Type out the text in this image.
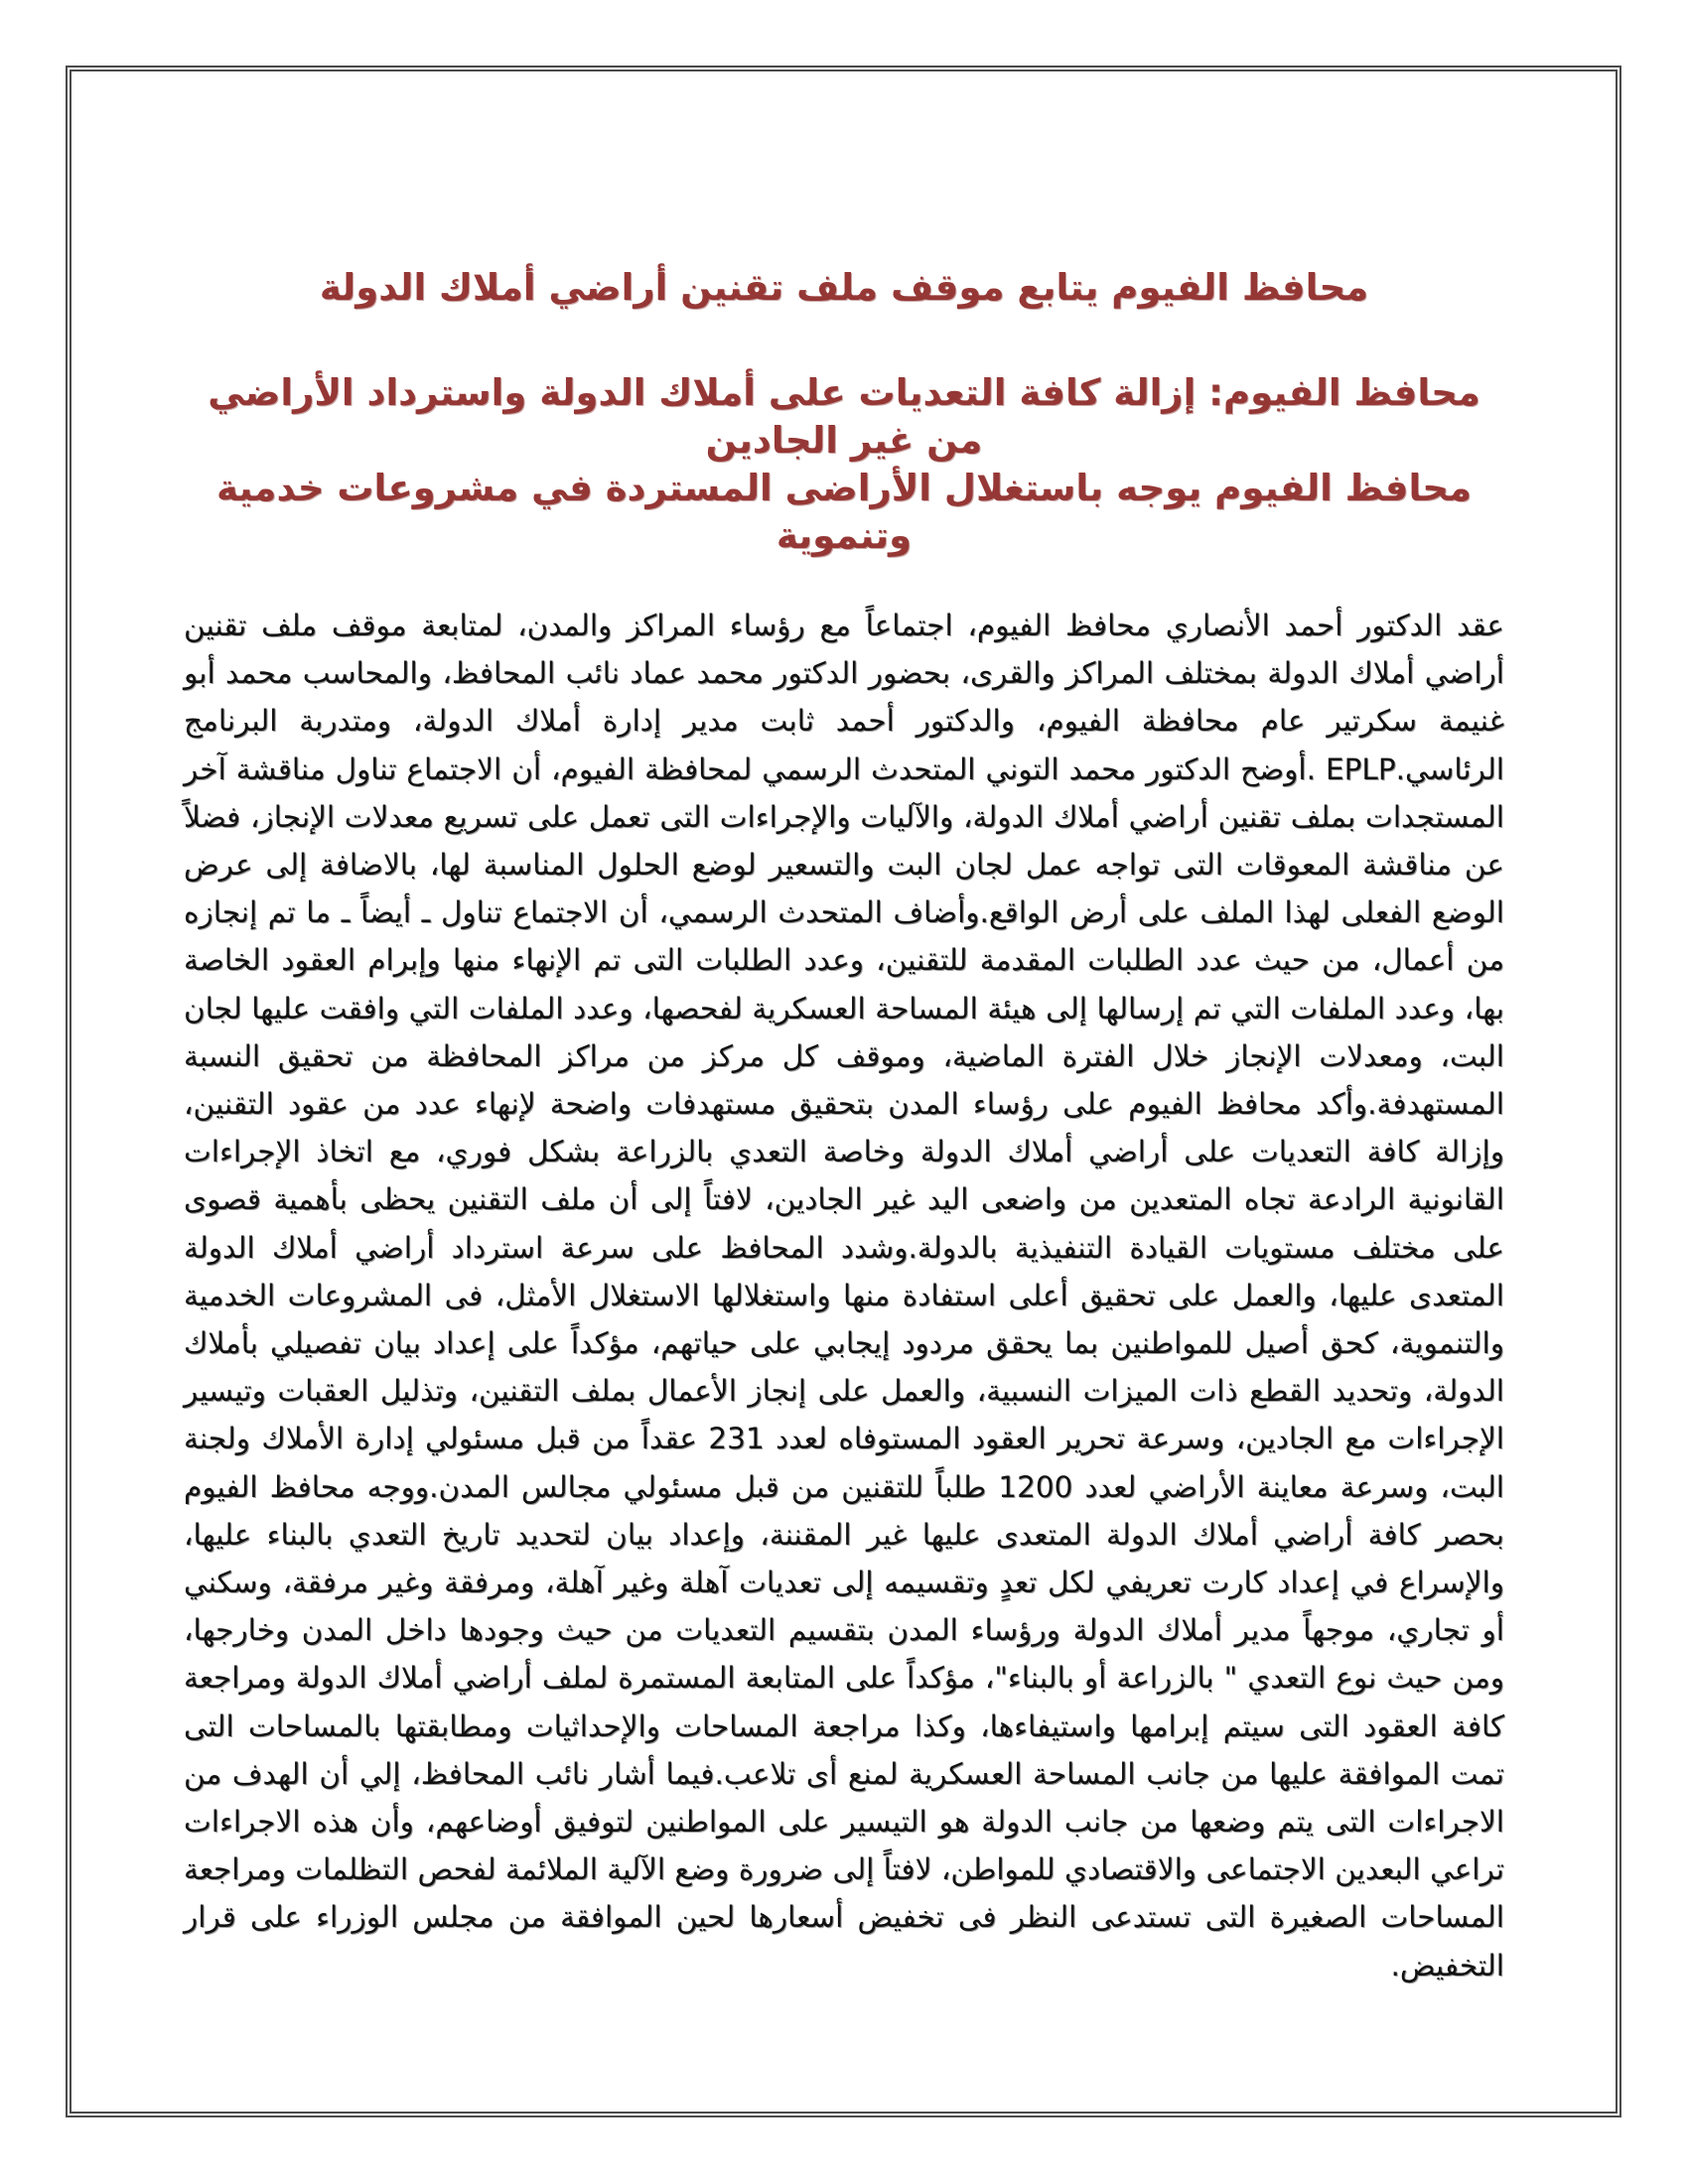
محافظ الفيوم يتابع موقف ملف تقنين أراضي أملاك الدولة
محافظ الفيوم: إزالة كافة التعديات على أملاك الدولة واسترداد الأراضي من غير الجادين
محافظ الفيوم يوجه باستغلال الأراضى المستردة في مشروعات خدمية وتنموية

عقد الدكتور أحمد الأنصاري محافظ الفيوم، اجتماعاً مع رؤساء المراكز والمدن، لمتابعة موقف ملف تقنين أراضي أملاك الدولة بمختلف المراكز والقرى، بحضور الدكتور محمد عماد نائب المحافظ، والمحاسب محمد أبو غنيمة سكرتير عام محافظة الفيوم، والدكتور أحمد ثابت مدير إدارة أملاك الدولة، ومتدربة البرنامج الرئاسي.EPLP .أوضح الدكتور محمد التوني المتحدث الرسمي لمحافظة الفيوم، أن الاجتماع تناول مناقشة آخر المستجدات بملف تقنين أراضي أملاك الدولة، والآليات والإجراءات التى تعمل على تسريع معدلات الإنجاز، فضلاً عن مناقشة المعوقات التى تواجه عمل لجان البت والتسعير لوضع الحلول المناسبة لها، بالاضافة إلى عرض الوضع الفعلى لهذا الملف على أرض الواقع.وأضاف المتحدث الرسمي، أن الاجتماع تناول ـ أيضاً ـ ما تم إنجازه من أعمال، من حيث عدد الطلبات المقدمة للتقنين، وعدد الطلبات التى تم الإنهاء منها وإبرام العقود الخاصة بها، وعدد الملفات التي تم إرسالها إلى هيئة المساحة العسكرية لفحصها، وعدد الملفات التي وافقت عليها لجان البت، ومعدلات الإنجاز خلال الفترة الماضية، وموقف كل مركز من مراكز المحافظة من تحقيق النسبة المستهدفة.وأكد محافظ الفيوم على رؤساء المدن بتحقيق مستهدفات واضحة لإنهاء عدد من عقود التقنين، وإزالة كافة التعديات على أراضي أملاك الدولة وخاصة التعدي بالزراعة بشكل فوري، مع اتخاذ الإجراءات القانونية الرادعة تجاه المتعدين من واضعى اليد غير الجادين، لافتاً إلى أن ملف التقنين يحظى بأهمية قصوى على مختلف مستويات القيادة التنفيذية بالدولة.وشدد المحافظ على سرعة استرداد أراضي أملاك الدولة المتعدى عليها، والعمل على تحقيق أعلى استفادة منها واستغلالها الاستغلال الأمثل، فى المشروعات الخدمية والتنموية، كحق أصيل للمواطنين بما يحقق مردود إيجابي على حياتهم، مؤكداً على إعداد بيان تفصيلي بأملاك الدولة، وتحديد القطع ذات الميزات النسبية، والعمل على إنجاز الأعمال بملف التقنين، وتذليل العقبات وتيسير الإجراءات مع الجادين، وسرعة تحرير العقود المستوفاه لعدد 231 عقداً من قبل مسئولي إدارة الأملاك ولجنة البت، وسرعة معاينة الأراضي لعدد 1200 طلباً للتقنين من قبل مسئولي مجالس المدن.ووجه محافظ الفيوم بحصر كافة أراضي أملاك الدولة المتعدى عليها غير المقننة، وإعداد بيان لتحديد تاريخ التعدي بالبناء عليها، والإسراع في إعداد كارت تعريفي لكل تعدٍ وتقسيمه إلى تعديات آهلة وغير آهلة، ومرفقة وغير مرفقة، وسكني أو تجاري، موجهاً مدير أملاك الدولة ورؤساء المدن بتقسيم التعديات من حيث وجودها داخل المدن وخارجها، ومن حيث نوع التعدي " بالزراعة أو بالبناء"، مؤكداً على المتابعة المستمرة لملف أراضي أملاك الدولة ومراجعة كافة العقود التى سيتم إبرامها واستيفاءها، وكذا مراجعة المساحات والإحداثيات ومطابقتها بالمساحات التى تمت الموافقة عليها من جانب المساحة العسكرية لمنع أى تلاعب.فيما أشار نائب المحافظ، إلي أن الهدف من الاجراءات التى يتم وضعها من جانب الدولة هو التيسير على المواطنين لتوفيق أوضاعهم، وأن هذه الاجراءات تراعي البعدين الاجتماعى والاقتصادي للمواطن، لافتاً إلى ضرورة وضع الآلية الملائمة لفحص التظلمات ومراجعة المساحات الصغيرة التى تستدعى النظر فى تخفيض أسعارها لحين الموافقة من مجلس الوزراء على قرار التخفيض.
